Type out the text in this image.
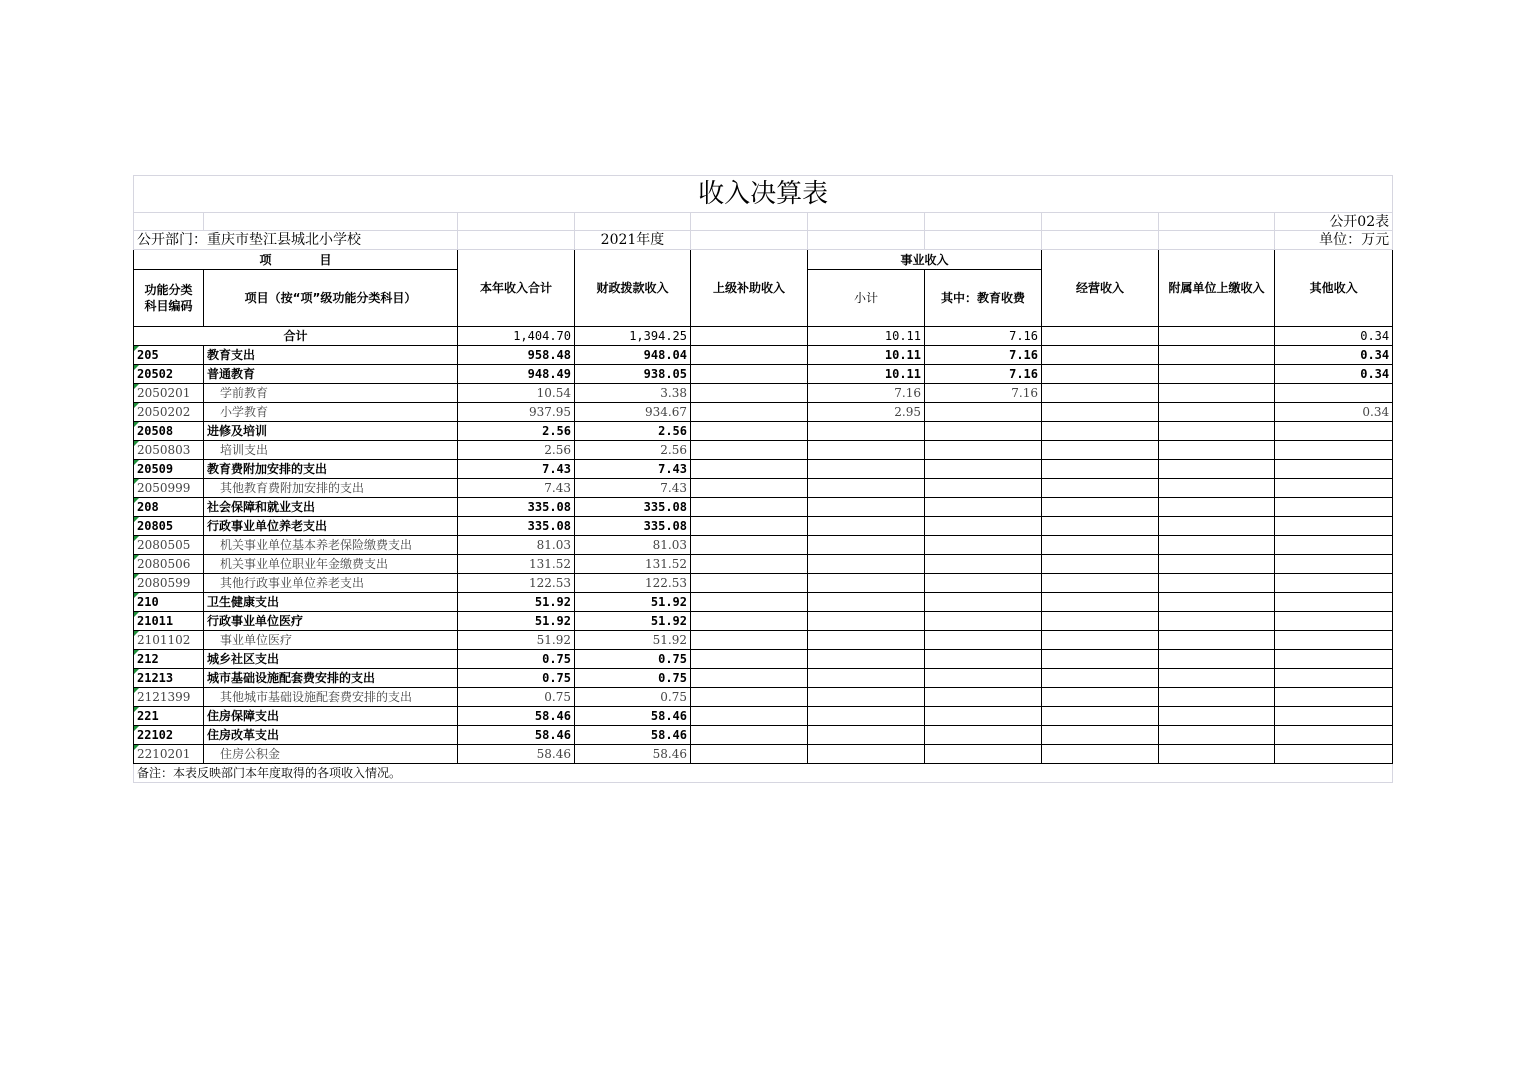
收入决算表									
									公开02表
公开部门：重庆市垫江县城北小学校			2021年度						单位：万元
项　　　　目		本年收入合计	财政拨款收入	上级补助收入	事业收入		经营收入	附属单位上缴收入	其他收入
功能分类
科目编码	项目（按“项”级功能分类科目）								
					小计	其中：教育收费			
合计		1,404.70	1,394.25		10.11	7.16			0.34
205	教育支出	958.48	948.04		10.11	7.16			0.34
20502	普通教育	948.49	938.05		10.11	7.16			0.34
2050201	学前教育	10.54	3.38		7.16	7.16			
2050202	小学教育	937.95	934.67		2.95				0.34
20508	进修及培训	2.56	2.56						
2050803	培训支出	2.56	2.56						
20509	教育费附加安排的支出	7.43	7.43						
2050999	其他教育费附加安排的支出	7.43	7.43						
208	社会保障和就业支出	335.08	335.08						
20805	行政事业单位养老支出	335.08	335.08						
2080505	机关事业单位基本养老保险缴费支出	81.03	81.03						
2080506	机关事业单位职业年金缴费支出	131.52	131.52						
2080599	其他行政事业单位养老支出	122.53	122.53						
210	卫生健康支出	51.92	51.92						
21011	行政事业单位医疗	51.92	51.92						
2101102	事业单位医疗	51.92	51.92						
212	城乡社区支出	0.75	0.75						
21213	城市基础设施配套费安排的支出	0.75	0.75						
2121399	其他城市基础设施配套费安排的支出	0.75	0.75						
221	住房保障支出	58.46	58.46						
22102	住房改革支出	58.46	58.46						
2210201	住房公积金	58.46	58.46						
备注：本表反映部门本年度取得的各项收入情况。									
